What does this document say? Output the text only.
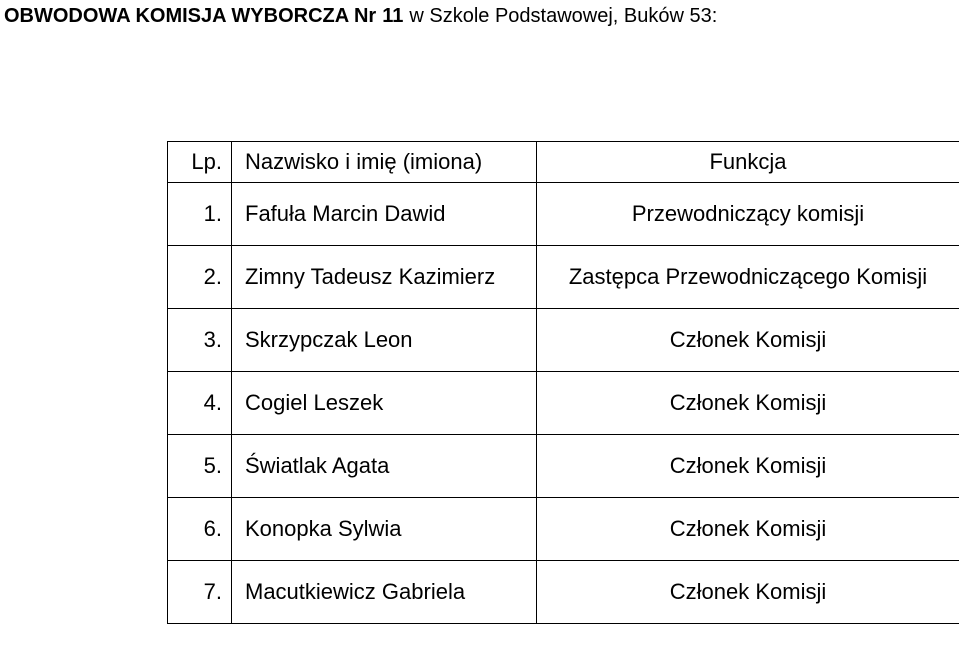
OBWODOWA KOMISJA WYBORCZA Nr 11 w Szkole Podstawowej, Buków 53:
Lp.	Nazwisko i imię (imiona)	Funkcja
1.	Fafuła Marcin Dawid	Przewodniczący komisji
2.	Zimny Tadeusz Kazimierz	Zastępca Przewodniczącego Komisji
3.	Skrzypczak Leon	Członek Komisji
4.	Cogiel Leszek	Członek Komisji
5.	Światlak Agata	Członek Komisji
6.	Konopka Sylwia	Członek Komisji
7.	Macutkiewicz Gabriela	Członek Komisji
